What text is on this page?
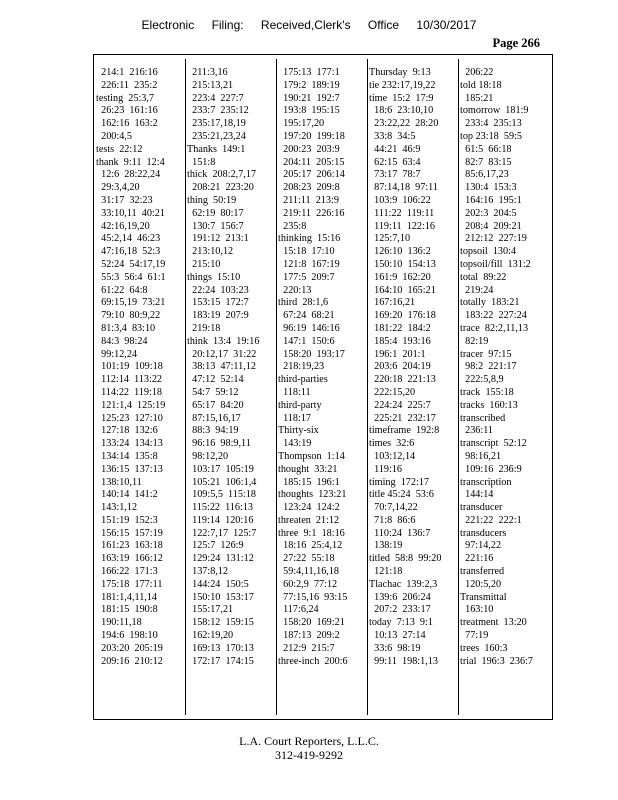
Electronic Filing: Received,Clerk's Office 10/30/2017
Page 266
214:1  216:16
226:11  235:2
testing  25:3,7
26:23  161:16
162:16  163:2
200:4,5
tests  22:12
thank  9:11  12:4
12:6  28:22,24
29:3,4,20
31:17  32:23
33:10,11  40:21
42:16,19,20
45:2,14  46:23
47:16,18  52:3
52:24  54:17,19
55:3  56:4  61:1
61:22  64:8
69:15,19  73:21
79:10  80:9,22
81:3,4  83:10
84:3  98:24
99:12,24
101:19  109:18
112:14  113:22
114:22  119:18
121:1,4  125:19
125:23  127:10
127:18  132:6
133:24  134:13
134:14  135:8
136:15  137:13
138:10,11
140:14  141:2
143:1,12
151:19  152:3
156:15  157:19
161:23  163:18
163:19  166:12
166:22  171:3
175:18  177:11
181:1,4,11,14
181:15  190:8
190:11,18
194:6  198:10
203:20  205:19
209:16  210:12
211:3,16
215:13,21
223:4  227:7
233:7  235:12
235:17,18,19
235:21,23,24
Thanks  149:1
151:8
thick  208:2,7,17
208:21  223:20
thing  50:19
62:19  80:17
130:7  156:7
191:12  213:1
213:10,12
215:10
things  15:10
22:24  103:23
153:15  172:7
183:19  207:9
219:18
think  13:4  19:16
20:12,17  31:22
38:13  47:11,12
47:12  52:14
54:7  59:12
65:17  84:20
87:15,16,17
88:3  94:19
96:16  98:9,11
98:12,20
103:17  105:19
105:21  106:1,4
109:5,5  115:18
115:22  116:13
119:14  120:16
122:7,17  125:7
125:7  126:9
129:24  131:12
137:8,12
144:24  150:5
150:10  153:17
155:17,21
158:12  159:15
162:19,20
169:13  170:13
172:17  174:15
175:13  177:1
179:2  189:19
190:21  192:7
193:8  195:15
195:17,20
197:20  199:18
200:23  203:9
204:11  205:15
205:17  206:14
208:23  209:8
211:11  213:9
219:11  226:16
235:8
thinking  15:16
15:18  17:10
121:8  167:19
177:5  209:7
220:13
third  28:1,6
67:24  68:21
96:19  146:16
147:1  150:6
158:20  193:17
218:19,23
third-parties
118:11
third-party
118:17
Thirty-six
143:19
Thompson  1:14
thought  33:21
185:15  196:1
thoughts  123:21
123:24  124:2
threaten  21:12
three  9:1  18:16
18:16  25:4,12
27:22  55:18
59:4,11,16,18
60:2,9  77:12
77:15,16  93:15
117:6,24
158:20  169:21
187:13  209:2
212:9  215:7
three-inch  200:6
Thursday  9:13
tie 232:17,19,22
time  15:2  17:9
18:6  23:10,10
23:22,22  28:20
33:8  34:5
44:21  46:9
62:15  63:4
73:17  78:7
87:14,18  97:11
103:9  106:22
111:22  119:11
119:11  122:16
125:7,10
126:10  136:2
150:10  154:13
161:9  162:20
164:10  165:21
167:16,21
169:20  176:18
181:22  184:2
185:4  193:16
196:1  201:1
203:6  204:19
220:18  221:13
222:15,20
224:24  225:7
225:21  232:17
timeframe  192:8
times  32:6
103:12,14
119:16
timing  172:17
title 45:24  53:6
70:7,14,22
71:8  86:6
110:24  136:7
138:19
titled  58:8  99:20
121:18
Tlachac  139:2,3
139:6  206:24
207:2  233:17
today  7:13  9:1
10:13  27:14
33:6  98:19
99:11  198:1,13
206:22
told 18:18
185:21
tomorrow  181:9
233:4  235:13
top 23:18  59:5
61:5  66:18
82:7  83:15
85:6,17,23
130:4  153:3
164:16  195:1
202:3  204:5
208:4  209:21
212:12  227:19
topsoil  130:4
topsoil/fill  131:2
total  89:22
219:24
totally  183:21
183:22  227:24
trace  82:2,11,13
82:19
tracer  97:15
98:2  221:17
222:5,8,9
track  155:18
tracks  160:13
transcribed
236:11
transcript  52:12
98:16,21
109:16  236:9
transcription
144:14
transducer
221:22  222:1
transducers
97:14,22
221:16
transferred
120:5,20
Transmittal
163:10
treatment  13:20
77:19
trees  160:3
trial  196:3  236:7
L.A. Court Reporters, L.L.C.
312-419-9292
